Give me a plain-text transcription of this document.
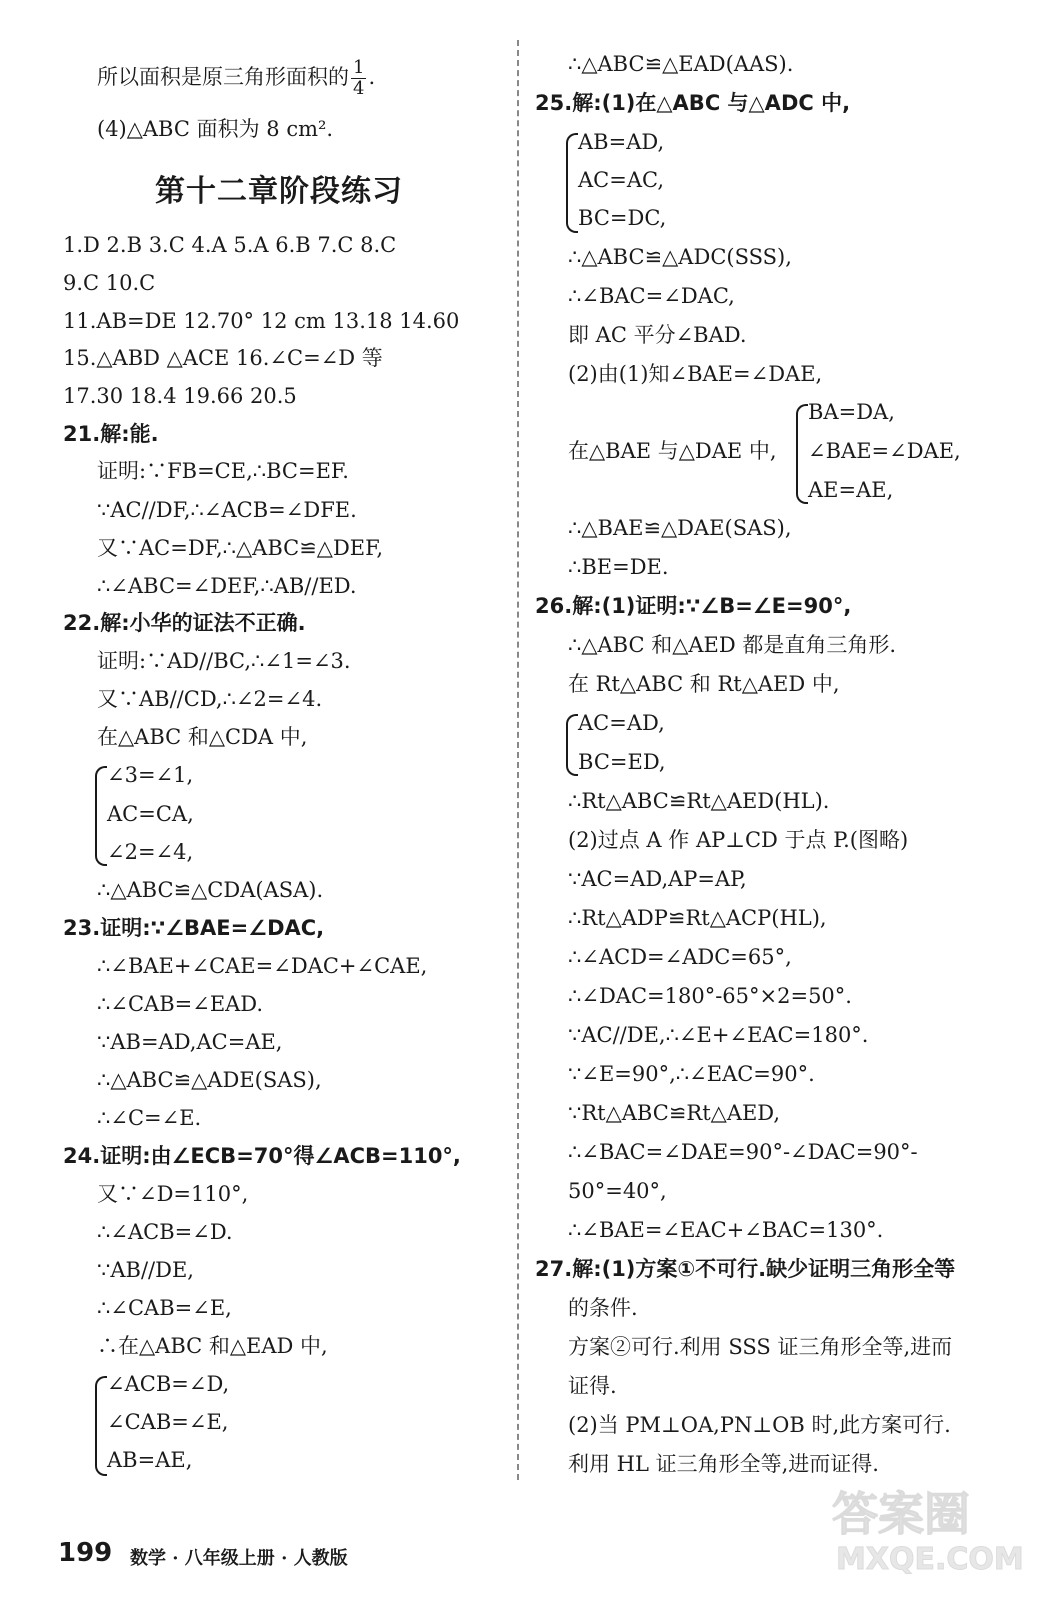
所以面积是原三角形面积的 $\frac{1}{4}$ .
(4)△ABC 面积为 8 cm².
第十二章阶段练习
1.D 2.B 3.C 4.A 5.A 6.B 7.C 8.C
9.C 10.C
11.AB=DE 12.70° 12 cm 13.18 14.60
15.△ABD △ACE 16.∠C=∠D 等
17.30 18.4 19.66 20.5
21.解:能.
证明:∵FB=CE,∴BC=EF.
∵AC//DF,∴∠ACB=∠DFE.
又∵AC=DF,∴△ABC≌△DEF,
∴∠ABC=∠DEF,∴AB//ED.
22.解:小华的证法不正确.
证明:∵AD//BC,∴∠1=∠3.
又∵AB//CD,∴∠2=∠4.
在△ABC 和△CDA 中,
∠3=∠1,
AC=CA,
∠2=∠4,
∴△ABC≌△CDA(ASA).
23.证明:∵∠BAE=∠DAC,
∴∠BAE+∠CAE=∠DAC+∠CAE,
∴∠CAB=∠EAD.
∵AB=AD,AC=AE,
∴△ABC≌△ADE(SAS),
∴∠C=∠E.
24.证明:由∠ECB=70°得∠ACB=110°,
又∵∠D=110°,
∴∠ACB=∠D.
∵AB//DE,
∴∠CAB=∠E,
∴在△ABC 和△EAD 中,
∠ACB=∠D,
∠CAB=∠E,
AB=AE,
∴△ABC≌△EAD(AAS).
25.解:(1)在△ABC 与△ADC 中,
AB=AD,
AC=AC,
BC=DC,
∴△ABC≌△ADC(SSS),
∴∠BAC=∠DAC,
即 AC 平分∠BAD.
(2)由(1)知∠BAE=∠DAE,
BA=DA,
在△BAE 与△DAE 中, ∠BAE=∠DAE,
AE=AE,
∴△BAE≌△DAE(SAS),
∴BE=DE.
26.解:(1)证明:∵∠B=∠E=90°,
∴△ABC 和△AED 都是直角三角形.
在 Rt△ABC 和 Rt△AED 中,
AC=AD,
BC=ED,
∴Rt△ABC≌Rt△AED(HL).
(2)过点 A 作 AP⊥CD 于点 P.(图略)
∵AC=AD,AP=AP,
∴Rt△ADP≌Rt△ACP(HL),
∴∠ACD=∠ADC=65°,
∴∠DAC=180°-65°×2=50°.
∵AC//DE,∴∠E+∠EAC=180°.
∵∠E=90°,∴∠EAC=90°.
∵Rt△ABC≌Rt△AED,
∴∠BAC=∠DAE=90°-∠DAC=90°-
50°=40°,
∴∠BAE=∠EAC+∠BAC=130°.
27.解:(1)方案①不可行.缺少证明三角形全等
的条件.
方案②可行.利用 SSS 证三角形全等,进而
证得.
(2)当 PM⊥OA,PN⊥OB 时,此方案可行.
利用 HL 证三角形全等,进而证得.
199 数学 · 八年级上册 · 人教版
答案圈
MXQE.COM
